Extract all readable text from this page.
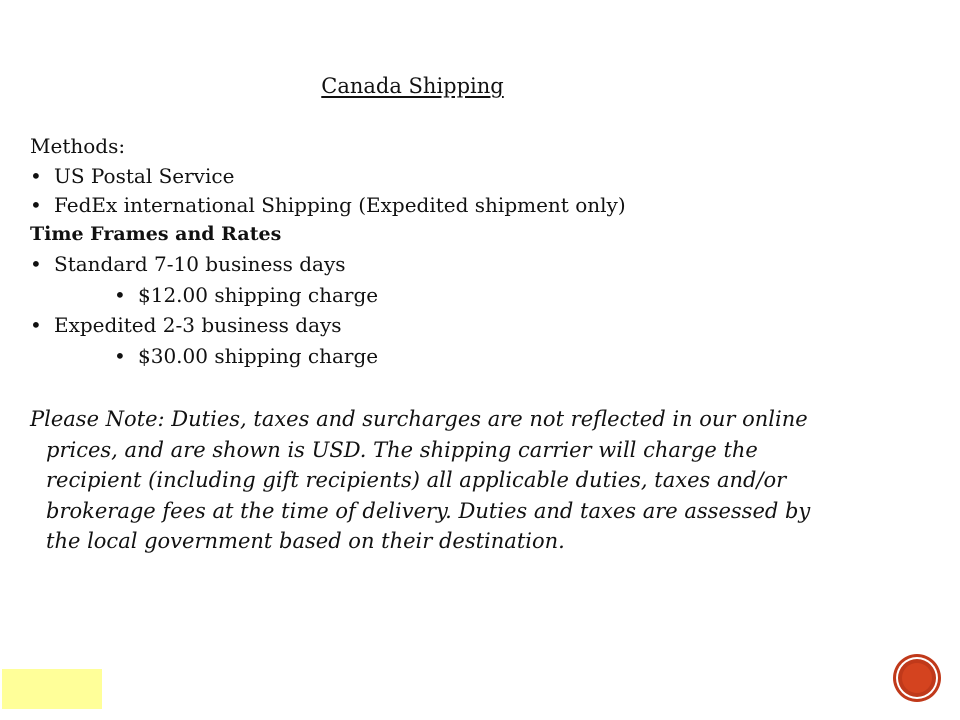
Canada Shipping
Methods:
• US Postal Service
• FedEx international Shipping (Expedited shipment only)
Time Frames and Rates
• Standard 7-10 business days
• $12.00 shipping charge
• Expedited 2-3 business days
• $30.00 shipping charge
Please Note: Duties, taxes and surcharges are not reflected in our online prices, and are shown is USD. The shipping carrier will charge the recipient (including gift recipients) all applicable duties, taxes and/or brokerage fees at the time of delivery. Duties and taxes are assessed by the local government based on their destination.
